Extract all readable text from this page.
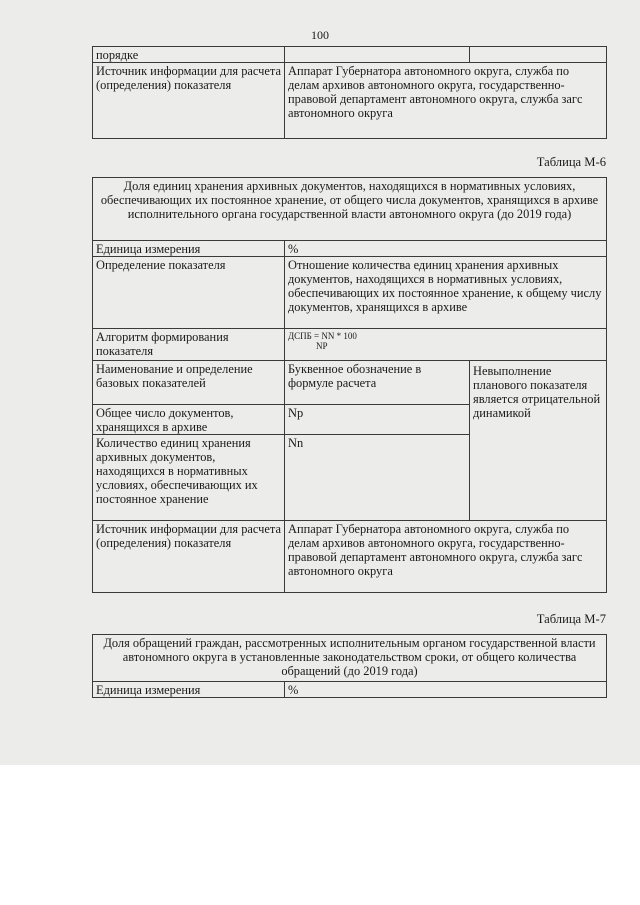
100
порядке		
Источник информации для расчета (определения) показателя	Аппарат Губернатора автономного округа, служба по делам архивов автономного округа, государственно-правовой департамент автономного округа, служба загс автономного округа	
Таблица М-6
Доля единиц хранения архивных документов, находящихся в нормативных условиях, обеспечивающих их постоянное хранение, от общего числа документов, хранящихся в архиве исполнительного органа государственной власти автономного округа (до 2019 года)		
Единица измерения	%	
Определение показателя	Отношение количества единиц хранения архивных документов, находящихся в нормативных условиях, обеспечивающих их постоянное хранение, к общему числу документов, хранящихся в архиве	
Алгоритм формирования показателя	ДСПБ = NN * 100
NP	

Наименование и определение базовых показателей	Буквенное обозначение в формуле расчета	Невыполнение планового показателя является отрицательной динамикой
Общее число документов, хранящихся в архиве	Np	
Количество единиц хранения архивных документов, находящихся в нормативных условиях, обеспечивающих их постоянное хранение	Nn	
Источник информации для расчета (определения) показателя	Аппарат Губернатора автономного округа, служба по делам архивов автономного округа, государственно-правовой департамент автономного округа, служба загс автономного округа	
Таблица М-7
Доля обращений граждан, рассмотренных исполнительным органом государственной власти автономного округа в установленные законодательством сроки, от общего количества обращений (до 2019 года)
Единица измерения	%
